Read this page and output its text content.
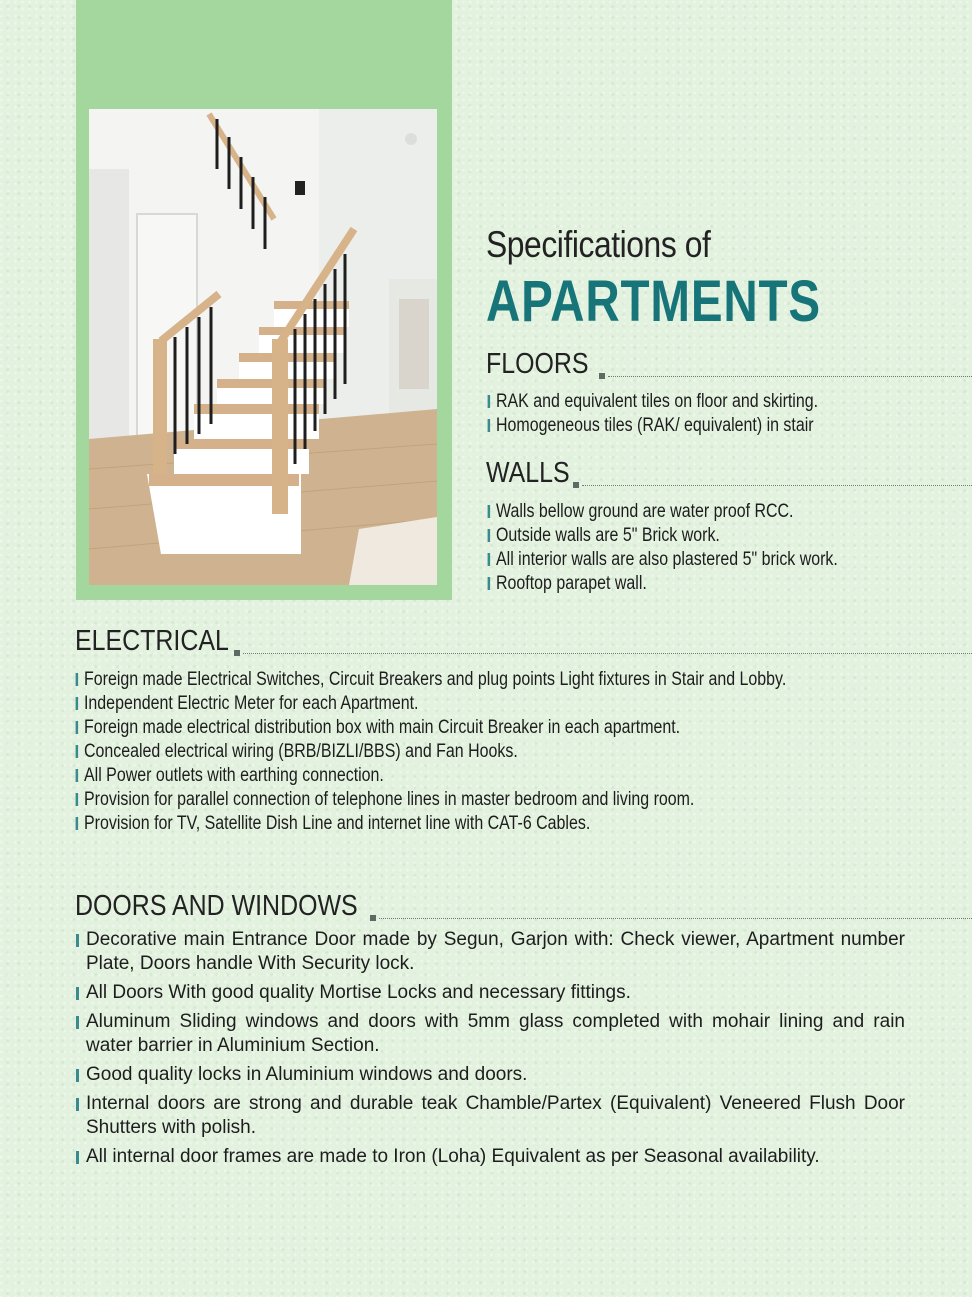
Specifications of
APARTMENTS
FLOORS
RAK and equivalent tiles on floor and skirting.
Homogeneous tiles (RAK/ equivalent) in stair
WALLS
Walls bellow ground are water proof RCC.
Outside walls are 5" Brick work.
All interior walls are also plastered 5" brick work.
Rooftop parapet wall.
ELECTRICAL
Foreign made Electrical Switches, Circuit Breakers and plug points Light fixtures in Stair and Lobby.
Independent Electric Meter for each Apartment.
Foreign made electrical distribution box with main Circuit Breaker in each apartment.
Concealed electrical wiring (BRB/BIZLI/BBS) and Fan Hooks.
All Power outlets with earthing connection.
Provision for parallel connection of telephone lines in master bedroom and living room.
Provision for TV, Satellite Dish Line and internet line with CAT-6 Cables.
DOORS AND WINDOWS
Decorative main Entrance Door made by Segun, Garjon with: Check viewer, Apartment number Plate, Doors handle With Security lock.
All Doors With good quality Mortise Locks and necessary fittings.
Aluminum Sliding windows and doors with 5mm glass completed with mohair lining and rain water barrier in Aluminium Section.
Good quality locks in Aluminium windows and doors.
Internal doors are strong and durable teak Chamble/Partex (Equivalent) Veneered Flush Door Shutters with polish.
All internal door frames are made to Iron (Loha) Equivalent as per Seasonal availability.
